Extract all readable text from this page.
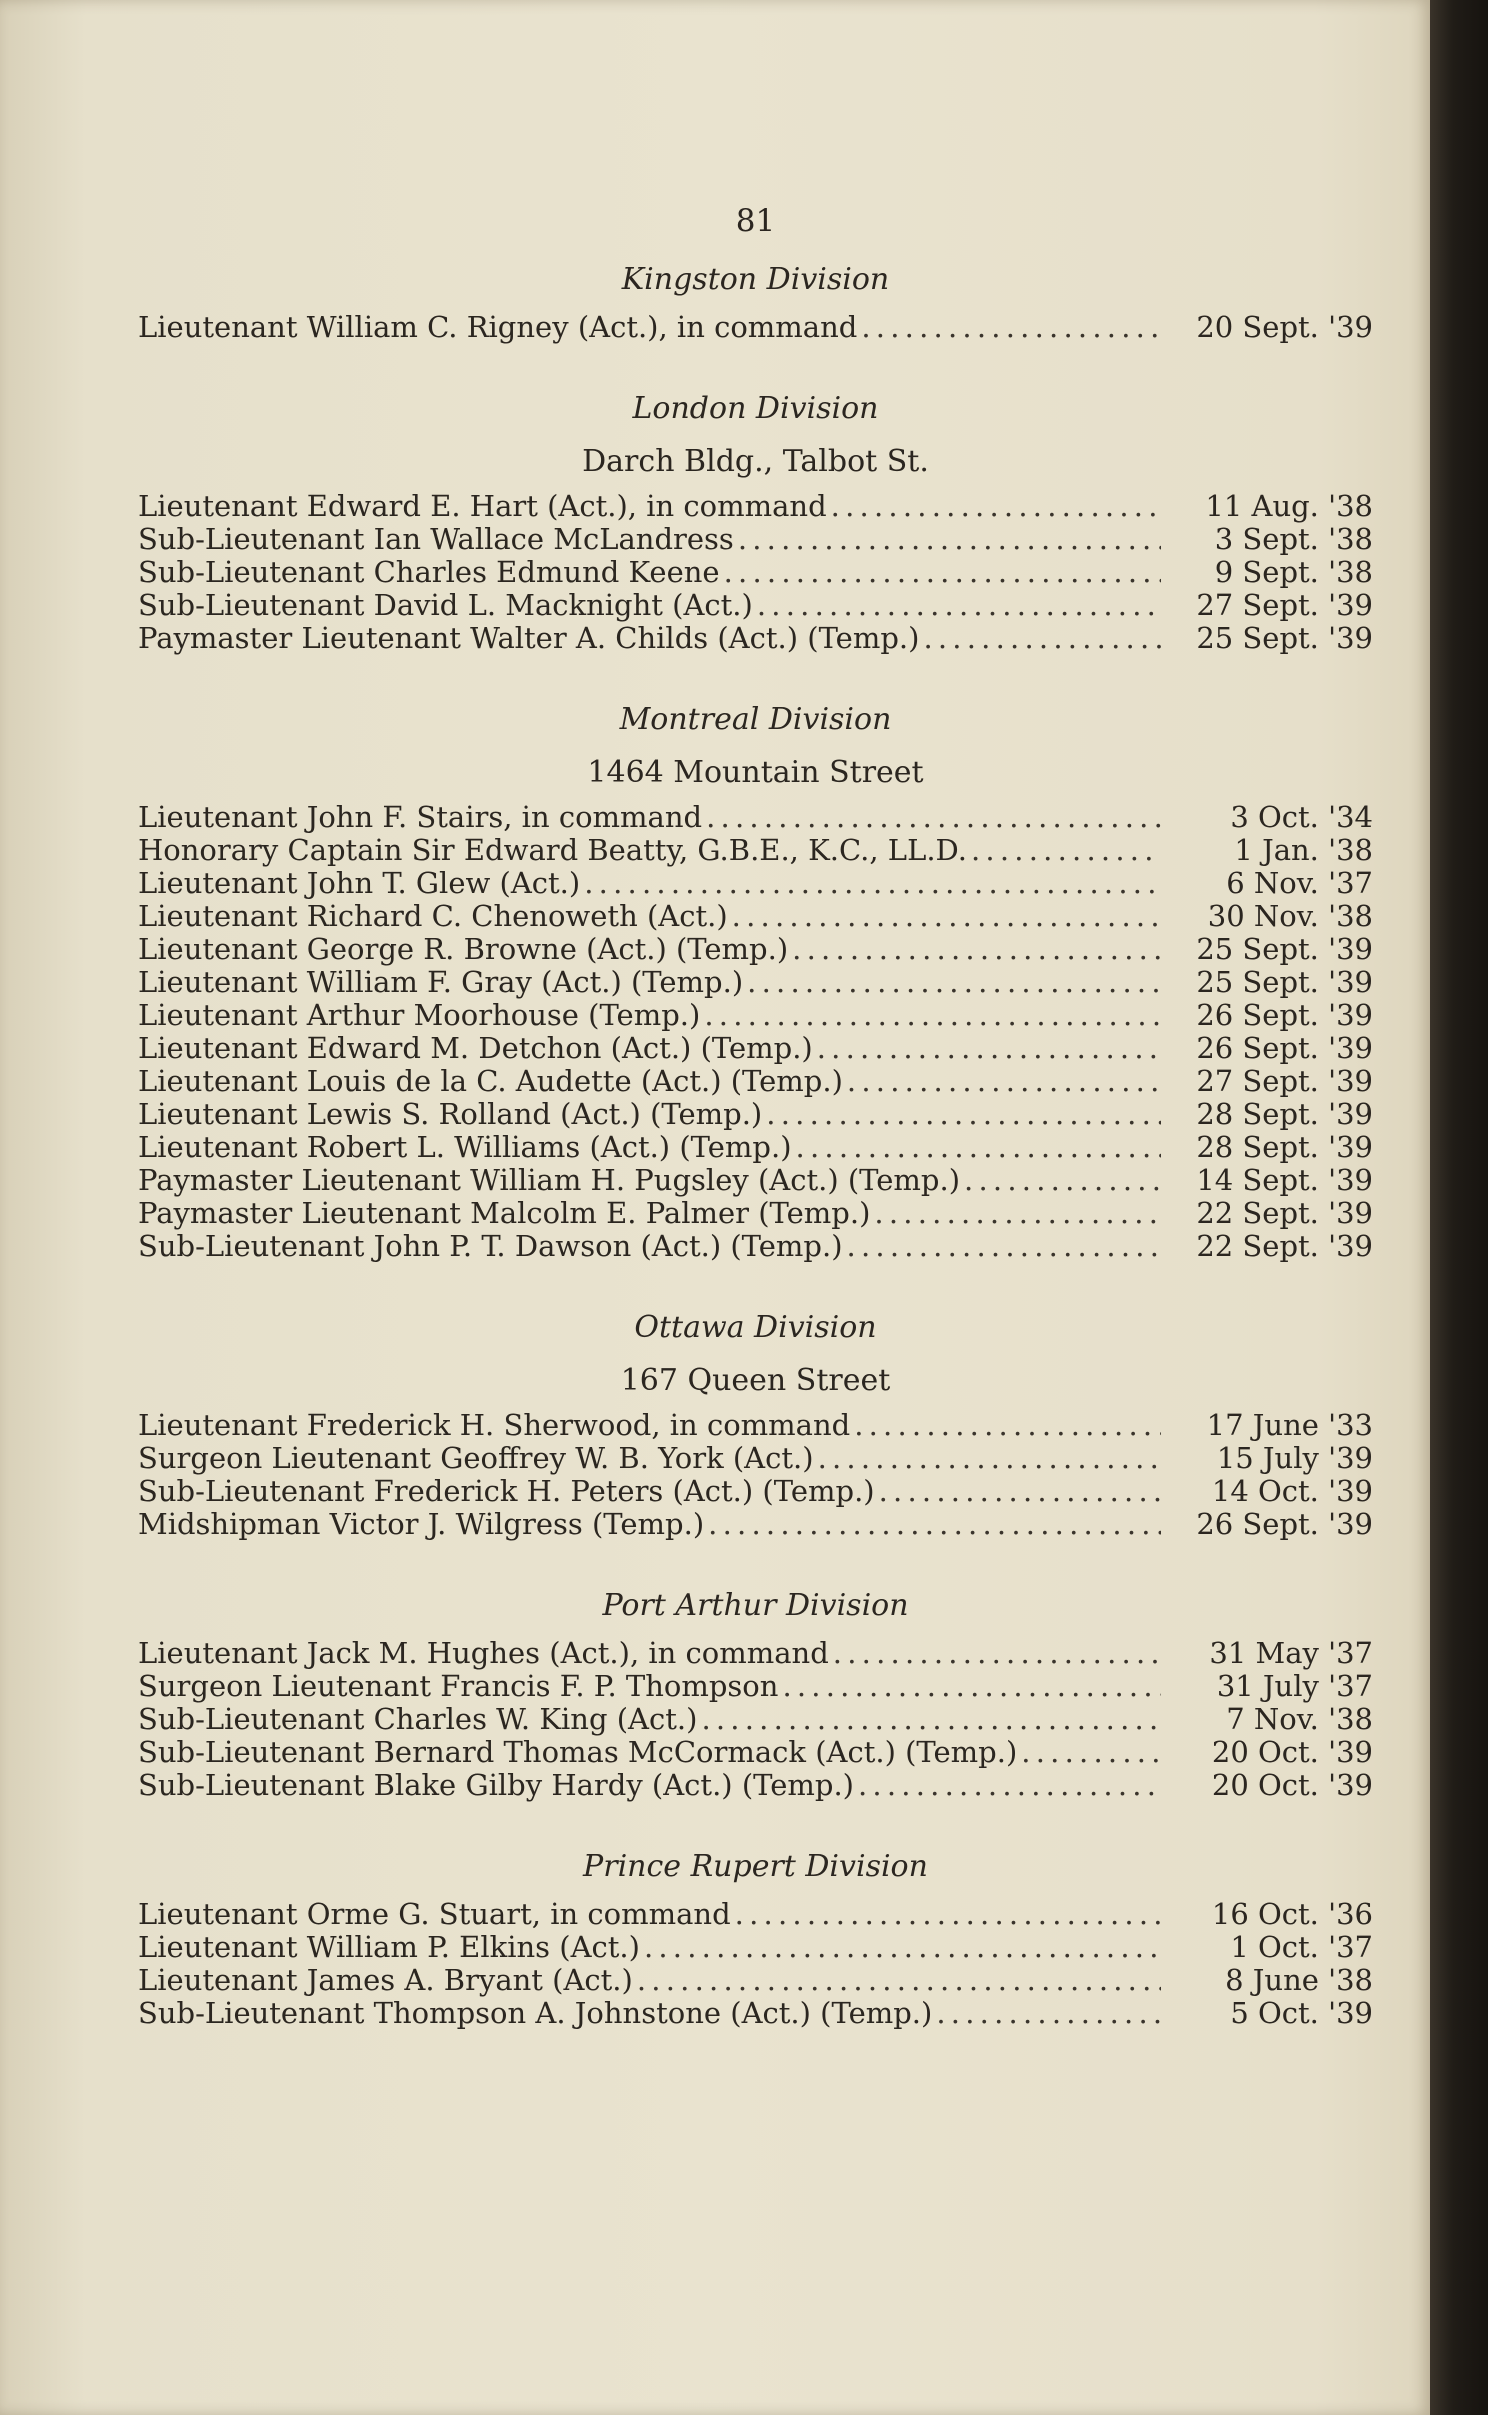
81
Kingston Division
Lieutenant William C. Rigney (Act.), in command . . .	20 Sept. '39
London Division
Darch Bldg., Talbot St.
Lieutenant Edward E. Hart (Act.), in command . . .	11 Aug. '38
Sub-Lieutenant Ian Wallace McLandress . . .	3 Sept. '38
Sub-Lieutenant Charles Edmund Keene . . .	9 Sept. '38
Sub-Lieutenant David L. Macknight (Act.) . . .	27 Sept. '39
Paymaster Lieutenant Walter A. Childs (Act.) (Temp.) . . .	25 Sept. '39
Montreal Division
1464 Mountain Street
Lieutenant John F. Stairs, in command . . .	3 Oct. '34
Honorary Captain Sir Edward Beatty, G.B.E., K.C., LL.D. . . .	1 Jan. '38
Lieutenant John T. Glew (Act.) . . .	6 Nov. '37
Lieutenant Richard C. Chenoweth (Act.) . . .	30 Nov. '38
Lieutenant George R. Browne (Act.) (Temp.) . . .	25 Sept. '39
Lieutenant William F. Gray (Act.) (Temp.) . . .	25 Sept. '39
Lieutenant Arthur Moorhouse (Temp.) . . .	26 Sept. '39
Lieutenant Edward M. Detchon (Act.) (Temp.) . . .	26 Sept. '39
Lieutenant Louis de la C. Audette (Act.) (Temp.) . . .	27 Sept. '39
Lieutenant Lewis S. Rolland (Act.) (Temp.) . . .	28 Sept. '39
Lieutenant Robert L. Williams (Act.) (Temp.) . . .	28 Sept. '39
Paymaster Lieutenant William H. Pugsley (Act.) (Temp.) . . .	14 Sept. '39
Paymaster Lieutenant Malcolm E. Palmer (Temp.) . . .	22 Sept. '39
Sub-Lieutenant John P. T. Dawson (Act.) (Temp.) . . .	22 Sept. '39
Ottawa Division
167 Queen Street
Lieutenant Frederick H. Sherwood, in command . . .	17 June '33
Surgeon Lieutenant Geoffrey W. B. York (Act.) . . .	15 July '39
Sub-Lieutenant Frederick H. Peters (Act.) (Temp.) . . .	14 Oct. '39
Midshipman Victor J. Wilgress (Temp.) . . .	26 Sept. '39
Port Arthur Division
Lieutenant Jack M. Hughes (Act.), in command . . .	31 May '37
Surgeon Lieutenant Francis F. P. Thompson . . .	31 July '37
Sub-Lieutenant Charles W. King (Act.) . . .	7 Nov. '38
Sub-Lieutenant Bernard Thomas McCormack (Act.) (Temp.) . . .	20 Oct. '39
Sub-Lieutenant Blake Gilby Hardy (Act.) (Temp.) . . .	20 Oct. '39
Prince Rupert Division
Lieutenant Orme G. Stuart, in command . . .	16 Oct. '36
Lieutenant William P. Elkins (Act.) . . .	1 Oct. '37
Lieutenant James A. Bryant (Act.) . . .	8 June '38
Sub-Lieutenant Thompson A. Johnstone (Act.) (Temp.) . . .	5 Oct. '39
